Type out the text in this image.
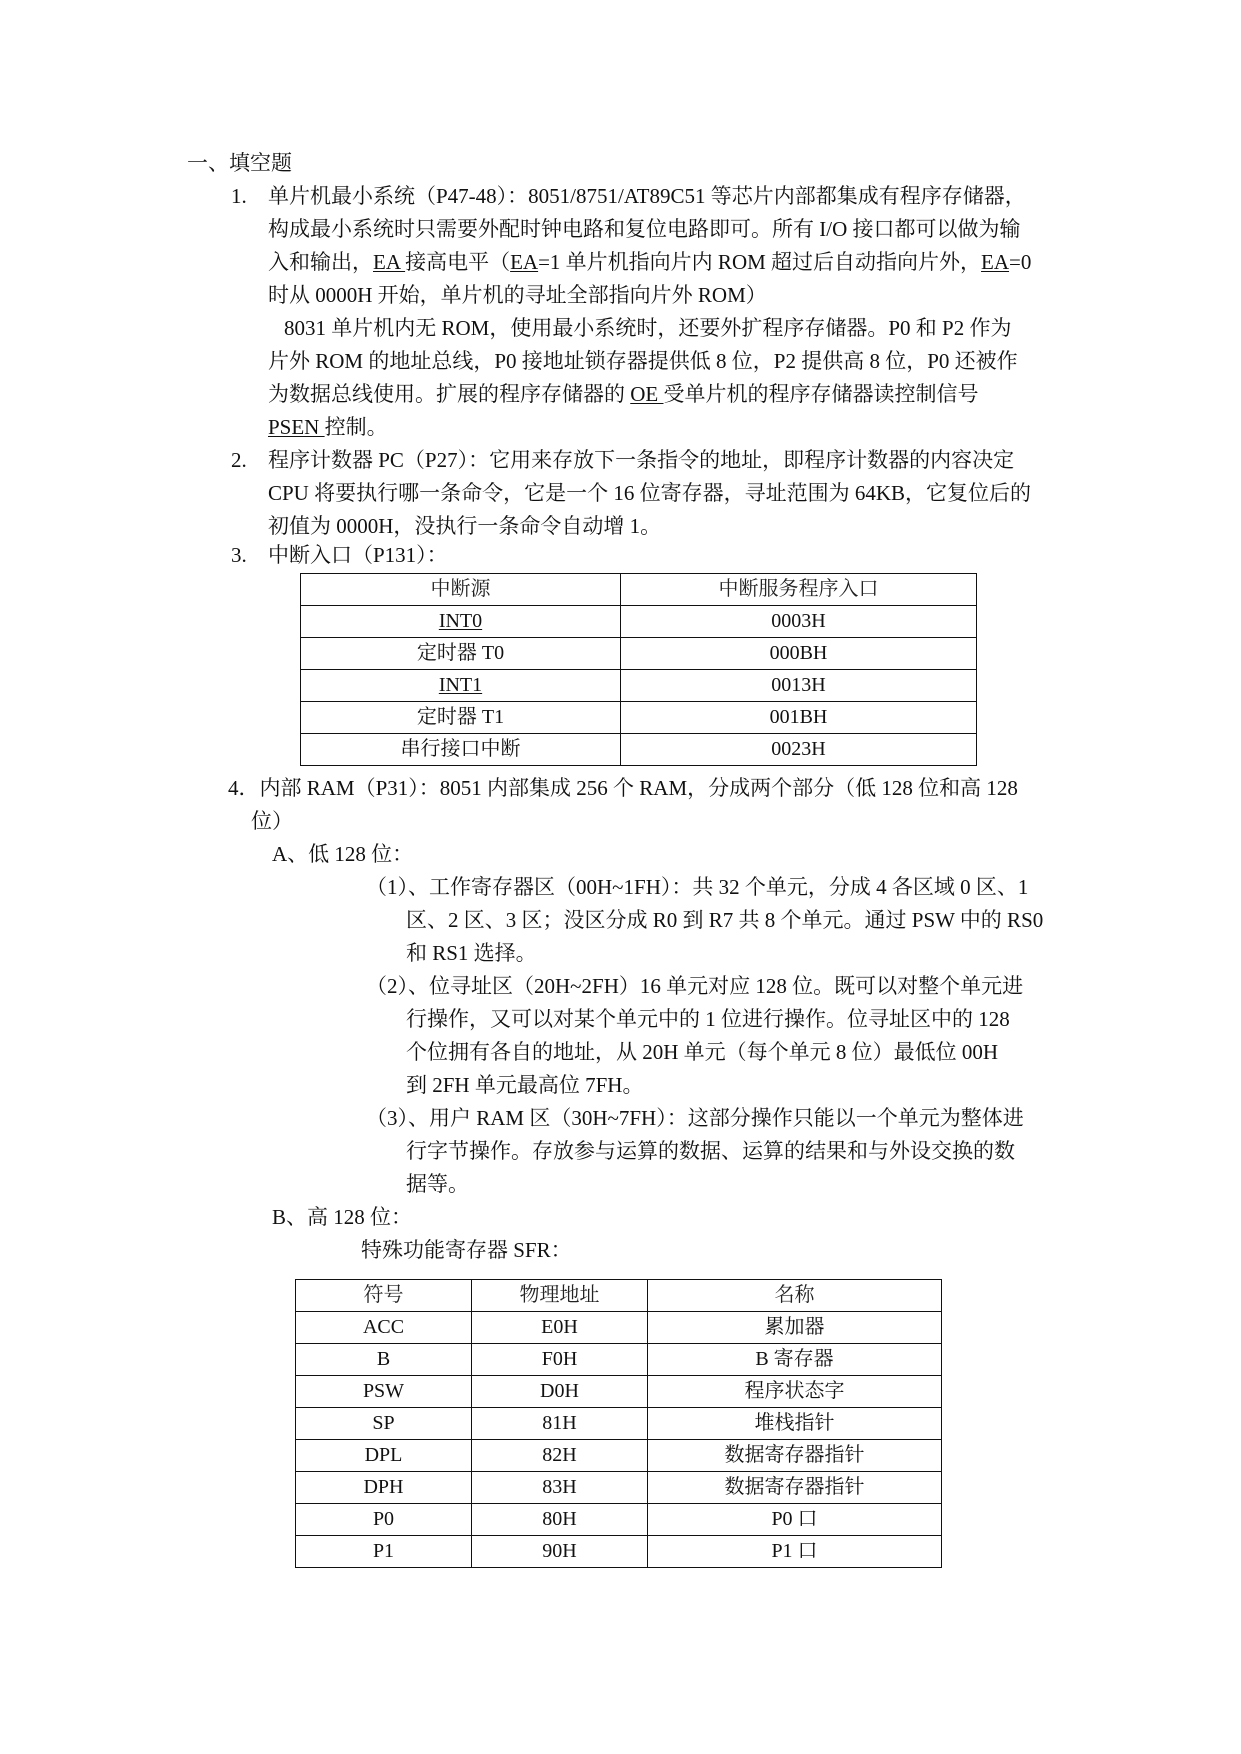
一、填空题
1. 单片机最小系统（P47-48）：8051/8751/AT89C51 等芯片内部都集成有程序存储器，
构成最小系统时只需要外配时钟电路和复位电路即可。所有 I/O 接口都可以做为输
入和输出，EA 接高电平（EA=1 单片机指向片内 ROM 超过后自动指向片外，EA=0
时从 0000H 开始，单片机的寻址全部指向片外 ROM）
8031 单片机内无 ROM，使用最小系统时，还要外扩程序存储器。P0 和 P2 作为
片外 ROM 的地址总线，P0 接地址锁存器提供低 8 位，P2 提供高 8 位，P0 还被作
为数据总线使用。扩展的程序存储器的 OE 受单片机的程序存储器读控制信号
PSEN 控制。
2. 程序计数器 PC（P27）：它用来存放下一条指令的地址，即程序计数器的内容决定
CPU 将要执行哪一条命令，它是一个 16 位寄存器，寻址范围为 64KB，它复位后的
初值为 0000H，没执行一条命令自动增 1。
3. 中断入口（P131）：
中断源	中断服务程序入口
INT0	0003H
定时器 T0	000BH
INT1	0013H
定时器 T1	001BH
串行接口中断	0023H
4．内部 RAM（P31）：8051 内部集成 256 个 RAM，分成两个部分（低 128 位和高 128
位）
A、低 128 位：
（1）、工作寄存器区（00H~1FH）：共 32 个单元，分成 4 各区域 0 区、1
区、2 区、3 区；没区分成 R0 到 R7 共 8 个单元。通过 PSW 中的 RS0
和 RS1 选择。
（2）、位寻址区（20H~2FH）16 单元对应 128 位。既可以对整个单元进
行操作，又可以对某个单元中的 1 位进行操作。位寻址区中的 128
个位拥有各自的地址，从 20H 单元（每个单元 8 位）最低位 00H
到 2FH 单元最高位 7FH。
（3）、用户 RAM 区（30H~7FH）：这部分操作只能以一个单元为整体进
行字节操作。存放参与运算的数据、运算的结果和与外设交换的数
据等。
B、高 128 位：
特殊功能寄存器 SFR：
符号	物理地址	名称
ACC	E0H	累加器
B	F0H	B 寄存器
PSW	D0H	程序状态字
SP	81H	堆栈指针
DPL	82H	数据寄存器指针
DPH	83H	数据寄存器指针
P0	80H	P0 口
P1	90H	P1 口
